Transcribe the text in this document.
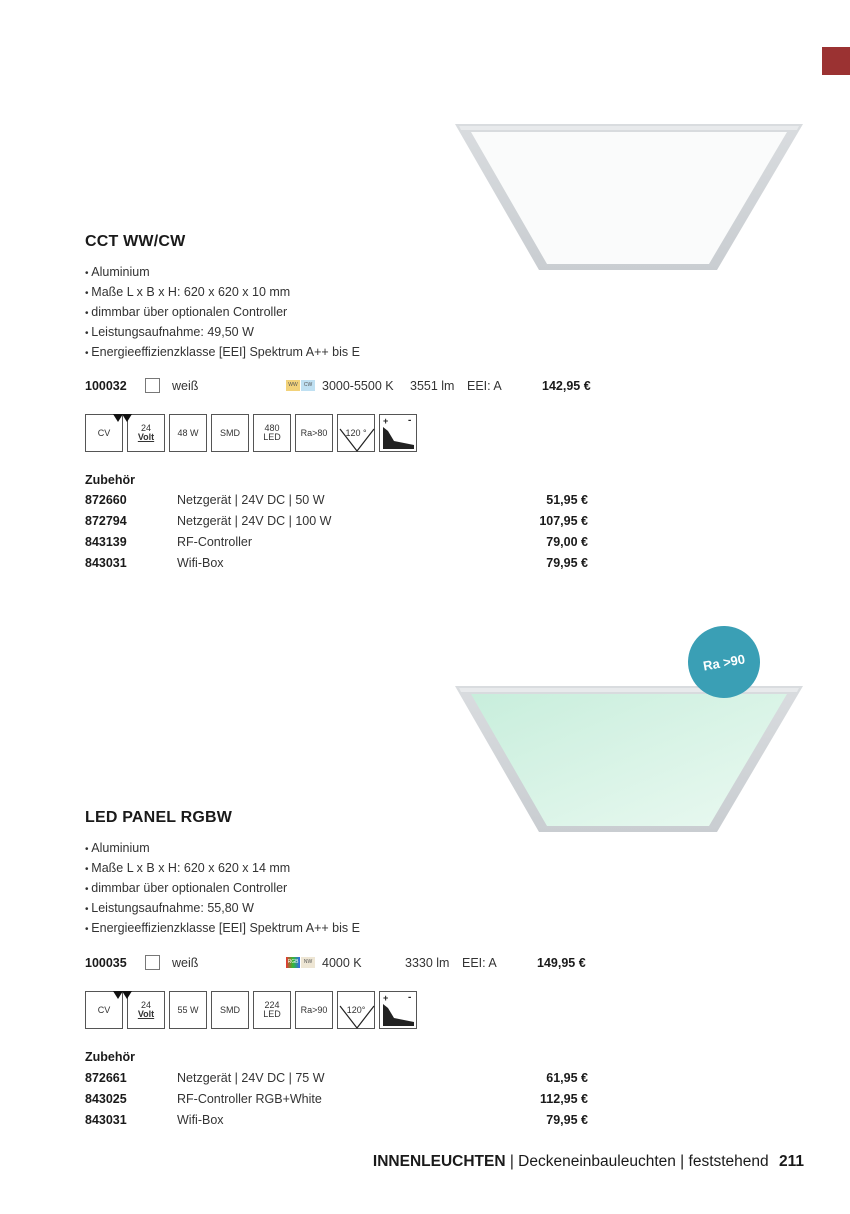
CCT WW/CW
• Aluminium
• Maße L x B x H: 620 x 620 x 10 mm
• dimmbar über optionalen Controller
• Leistungsaufnahme: 49,50 W
• Energieeffizienzklasse [EEI] Spektrum A++ bis E
100032	weiß	WW	CW 3000-5500 K 3551 lm EEI: A	142,95 €
CV	24
Volt	48 W	SMD	480
LED	Ra>80	120 °
+ -
Zubehör
872660	Netzgerät | 24V DC | 50 W	51,95 €
872794	Netzgerät | 24V DC | 100 W	107,95 €
843139	RF-Controller	79,00 €
843031	Wifi-Box	79,95 €
Ra >90
LED PANEL RGBW
• Aluminium
• Maße L x B x H: 620 x 620 x 14 mm
• dimmbar über optionalen Controller
• Leistungsaufnahme: 55,80 W
• Energieeffizienzklasse [EEI] Spektrum A++ bis E
100035	weiß	RGB	NW 4000 K	3330 lm EEI: A	149,95 €
CV	24
Volt	55 W	SMD	224
LED	Ra>90	120°
+ -
Zubehör
872661	Netzgerät | 24V DC | 75 W	61,95 €
843025	RF-Controller RGB+White	112,95 €
843031	Wifi-Box	79,95 €
INNENLEUCHTEN | Deckeneinbauleuchten | feststehend 211
